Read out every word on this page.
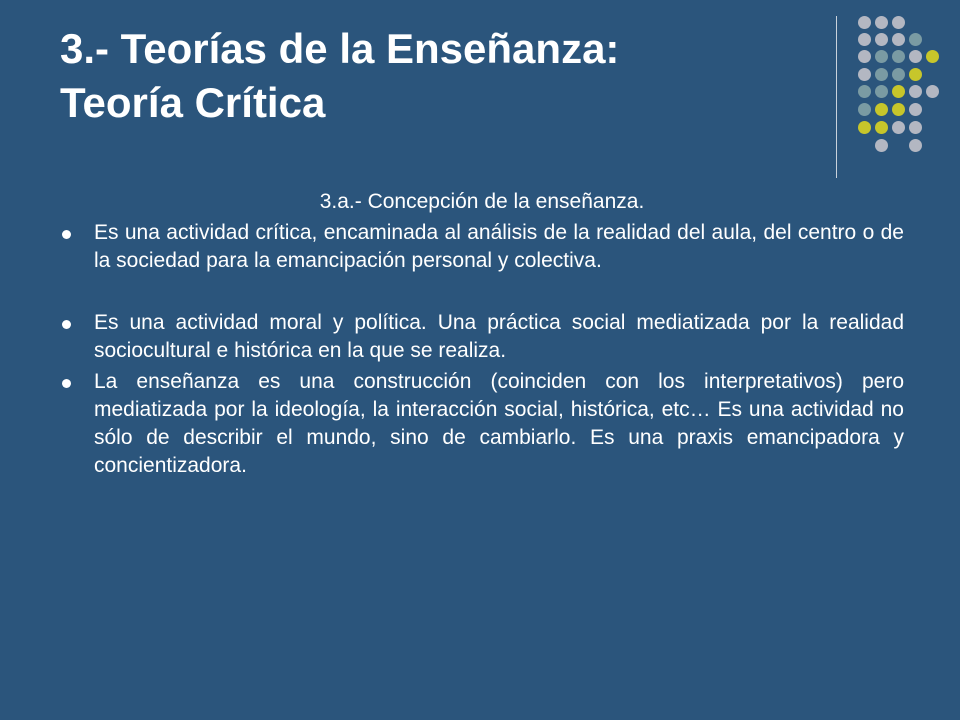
3.- Teorías de la Enseñanza:
Teoría Crítica

3.a.- Concepción de la enseñanza.

Es una actividad crítica, encaminada al análisis de la realidad del aula, del centro o de la sociedad para la emancipación personal y colectiva.
Es una actividad moral y política. Una práctica social mediatizada por la realidad sociocultural e histórica en la que se realiza.
La enseñanza es una construcción (coinciden con los interpretativos) pero mediatizada por la ideología, la interacción social, histórica, etc… Es una actividad no sólo de describir el mundo, sino de cambiarlo. Es una praxis emancipadora y concientizadora.
